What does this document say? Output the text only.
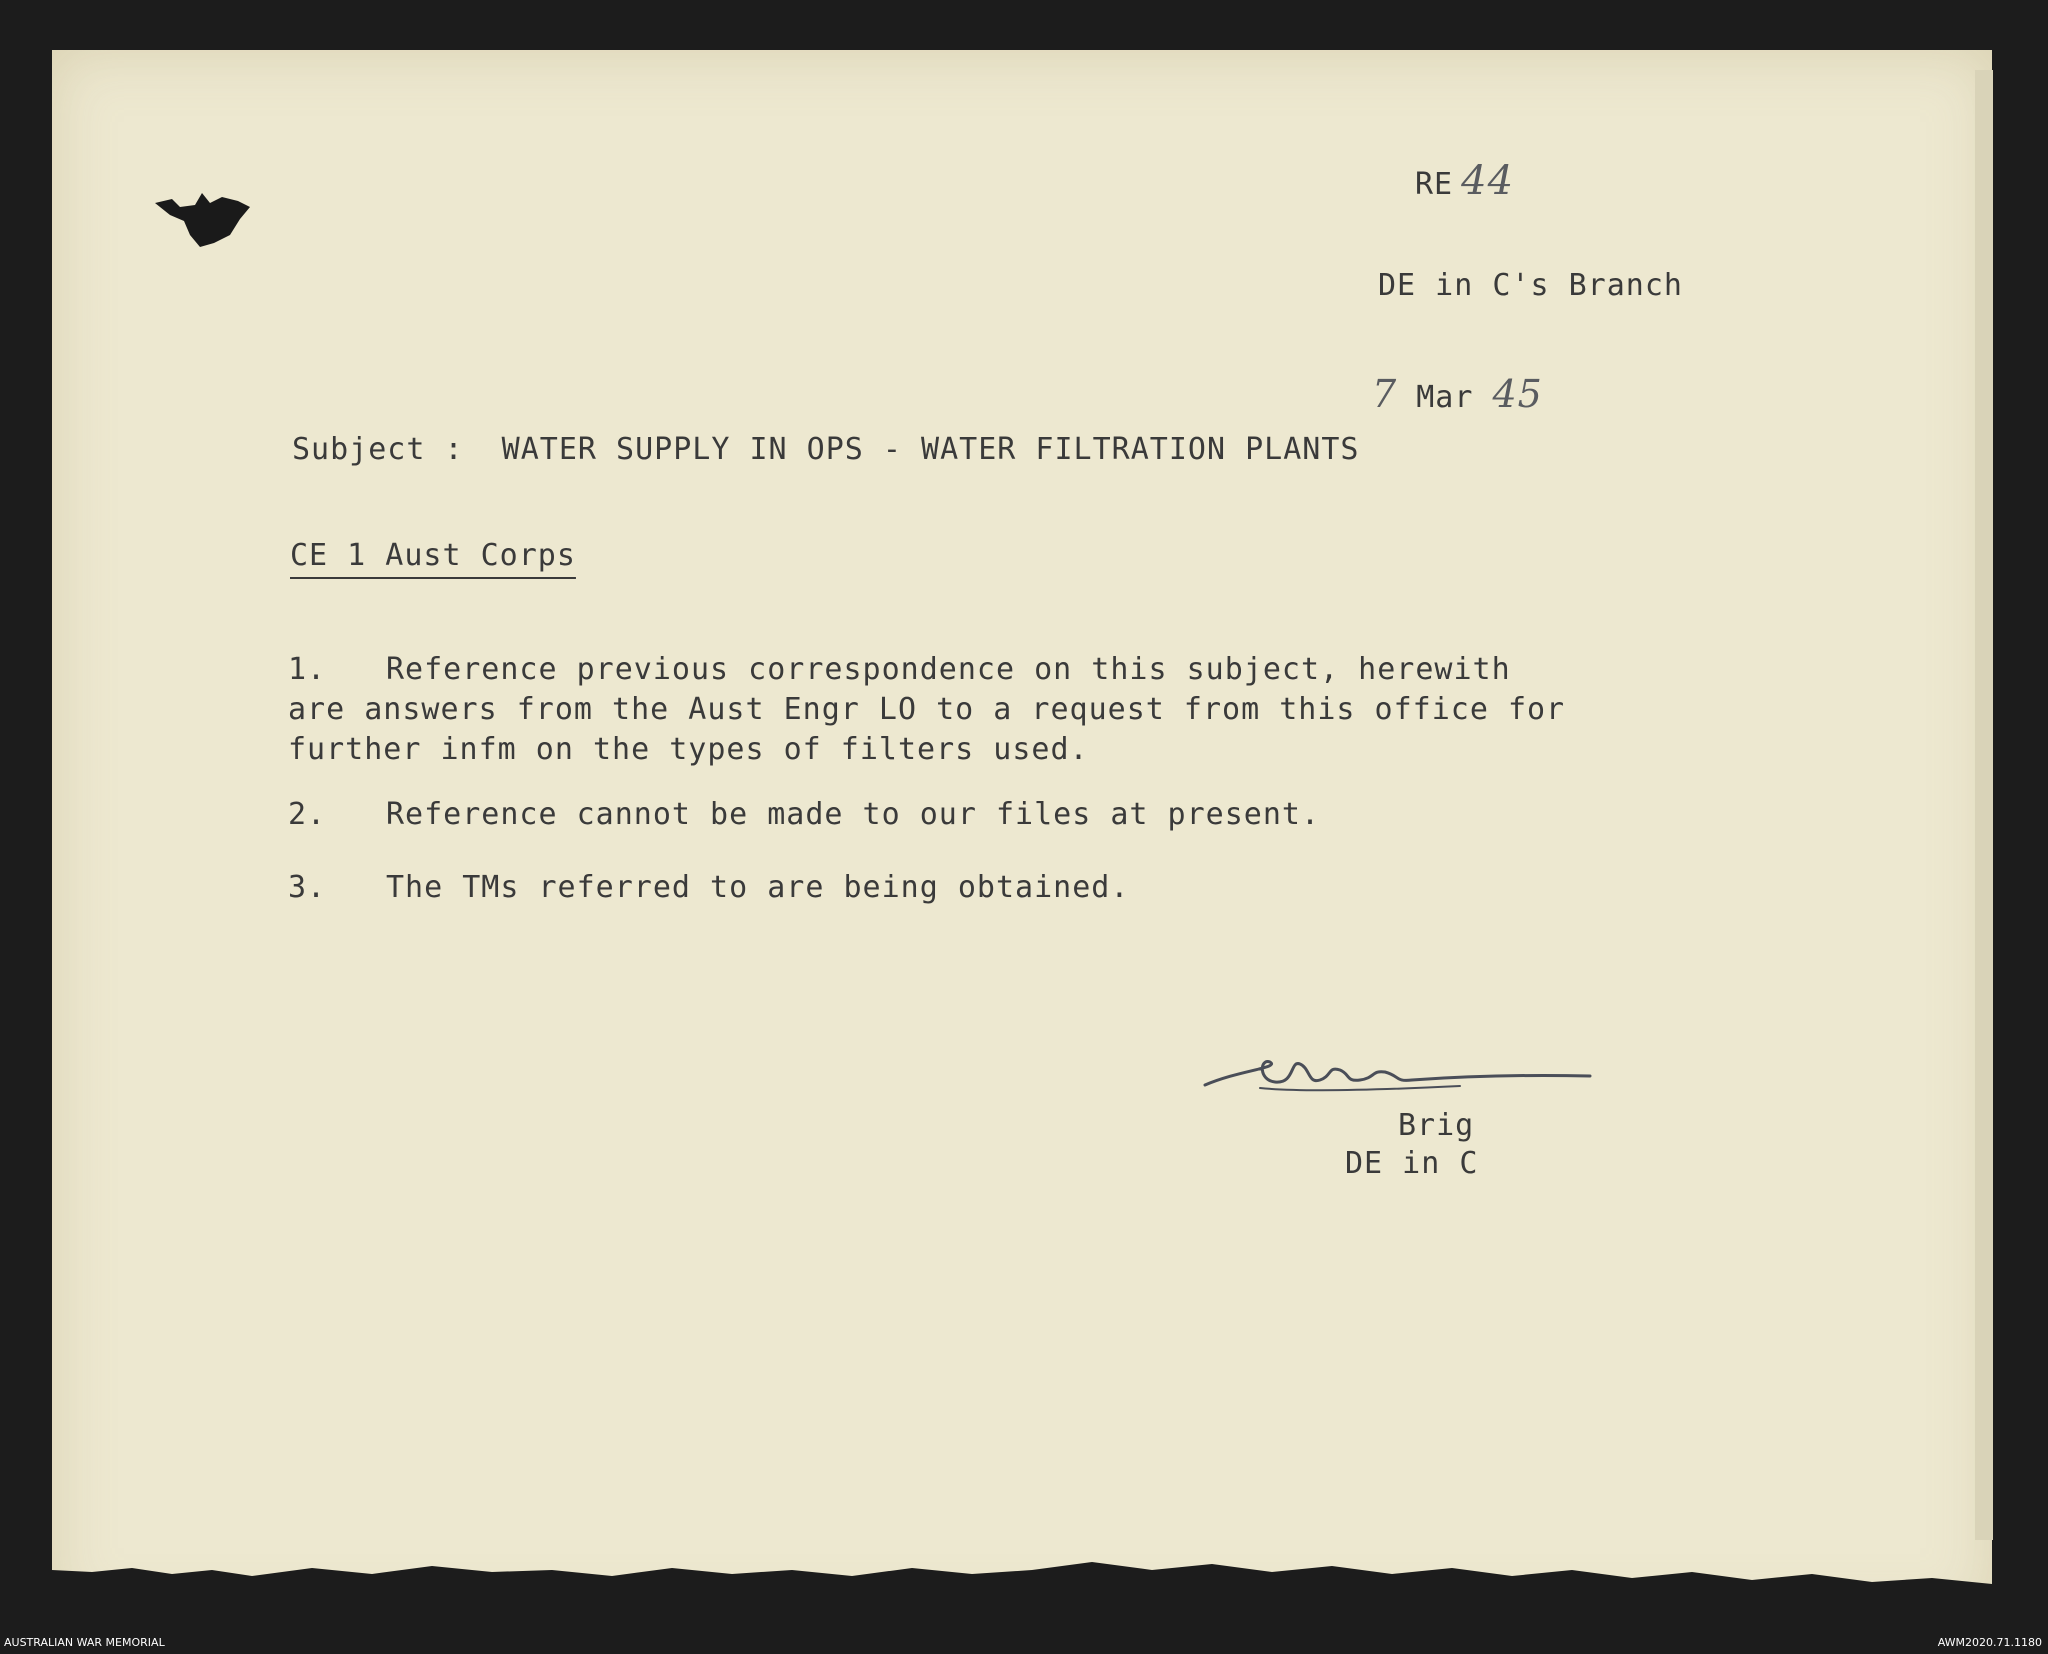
RE 44
DE in C's Branch
7 Mar 45
Subject :  WATER SUPPLY IN OPS - WATER FILTRATION PLANTS
CE 1 Aust Corps
1. Reference previous correspondence on this subject, herewith
are answers from the Aust Engr LO to a request from this office for
further infm on the types of filters used.
2. Reference cannot be made to our files at present.
3. The TMs referred to are being obtained.
Brig
DE in C
AUSTRALIAN WAR MEMORIAL	AWM2020.71.1180
